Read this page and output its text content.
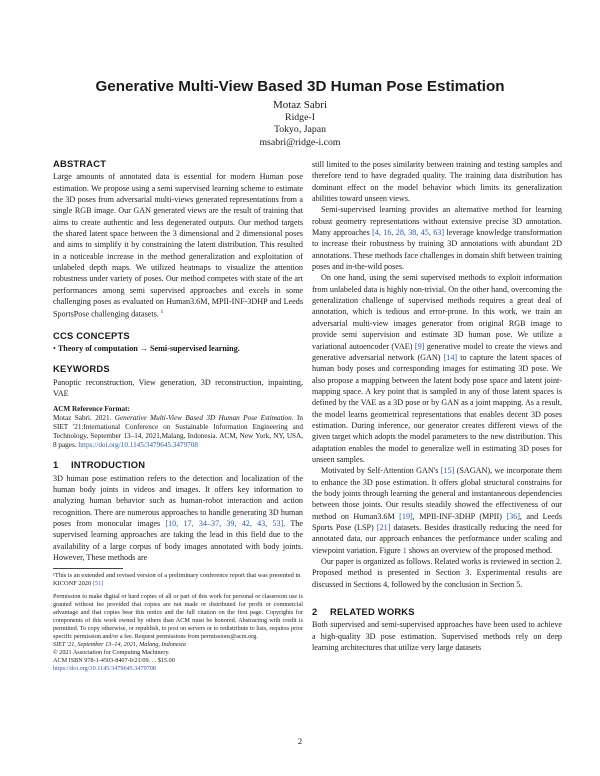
Generative Multi-View Based 3D Human Pose Estimation
Motaz Sabri
Ridge-I
Tokyo, Japan
msabri@ridge-i.com
ABSTRACT

Large amounts of annotated data is essential for modern Human pose estimation. We propose using a semi supervised learning scheme to estimate the 3D poses from adversarial multi-views generated representations from a single RGB image. Our GAN generated views are the result of training that aims to create authentic and less degenerated outputs. Our method targets the shared latent space between the 3 dimensional and 2 dimensional poses and aims to simplify it by constraining the latent distribution. This resulted in a noticeable increase in the method generalization and exploitation of unlabeled depth maps. We utilized heatmaps to visualize the attention robustness under variety of poses. Our method competes with state of the art performances among semi supervised approaches and excels in some challenging poses as evaluated on Human3.6M, MPII-INF-3DHP and Leeds SportsPose challenging datasets.  $^1$

CCS CONCEPTS
• Theory of computation → Semi-supervised learning.
KEYWORDS

Panoptic reconstruction, View generation, 3D reconstruction, inpainting, VAE

ACM Reference Format:
Motaz Sabri. 2021. Generative Multi-View Based 3D Human Pose Estimation. In SIET '21:International Conference on Sustainable Information Engineering and Technology, September 13–14, 2021,Malang, Indonesia. ACM, New York, NY, USA, 8 pages. https://doi.org/10.1145/3479645.3479708
1 INTRODUCTION

3D human pose estimation refers to the detection and localization of the human body joints in videos and images. It offers key information to analyzing human behavior such as human-robot interaction and action recognition. There are numerous approaches to handle generating 3D human poses from monocular images [10, 17, 34–37, 39, 42, 43, 53]. The supervised learning approaches are taking the lead in this field due to the availability of a large corpus of body images annotated with body joints. However, These methods are

¹This is an extended and revised version of a preliminary conference report that was presented in KICONF 2020 [51]
Permission to make digital or hard copies of all or part of this work for personal or classroom use is granted without fee provided that copies are not made or distributed for profit or commercial advantage and that copies bear this notice and the full citation on the first page. Copyrights for components of this work owned by others than ACM must be honored. Abstracting with credit is permitted. To copy otherwise, or republish, to post on servers or to redistribute to lists, requires prior specific permission and/or a fee. Request permissions from permissions@acm.org.
SIET '21, September 13–14, 2021, Malang, Indonesia
© 2021 Association for Computing Machinery.
ACM ISBN 978-1-4503-8407-0/21/09. . . $15.00
https://doi.org/10.1145/3479645.3479708

still limited to the poses similarity between training and testing samples and therefore tend to have degraded quality. The training data distribution has dominant effect on the model behavior which limits its generalization abilities toward unseen views.

Semi-supervised learning provides an alternative method for learning robust geometry representations without extensive precise 3D annotation. Many approaches [4, 16, 28, 38, 45, 63] leverage knowledge transformation to increase their robustness by training 3D annotations with abundant 2D annotations. These methods face challenges in domain shift between training poses and in-the-wild poses.

On one hand, using the semi supervised methods to exploit information from unlabeled data is highly non-trivial. On the other hand, overcoming the generalization challenge of supervised methods requires a great deal of annotation, which is tedious and error-prone. In this work, we train an adversarial multi-view images generator from original RGB image to provide semi supervision and estimate 3D human pose. We utilize a variational autoencoder (VAE) [9] generative model to create the views and generative adversarial network (GAN) [14] to capture the latent spaces of human body poses and corresponding images for estimating 3D pose. We also propose a mapping between the latent body pose space and latent joint-mapping space. A key point that is sampled in any of those latent spaces is defined by the VAE as a 3D pose or by GAN as a joint mapping. As a result, the model learns geometrical representations that enables decent 3D poses estimation. During inference, our generator creates different views of the given target which adopts the model parameters to the new distribution. This adaptation enables the model to generalize well in estimating 3D poses for unseen samples.

Motivated by Self-Attention GAN's [15] (SAGAN), we incorporate them to enhance the 3D pose estimation. It offers global structural constrains for the body joints through learning the general and instantaneous dependencies between those joints. Our results steadily showed the effectiveness of our method on Human3.6M [19], MPII-INF-3DHP (MPII) [36], and Leeds Sports Pose (LSP) [21] datasets. Besides drastically reducing the need for annotated data, our approach enhances the performance under scaling and viewpoint variation. Figure 1 shows an overview of the proposed method.

Our paper is organized as follows. Related works is reviewed in section 2. Proposed method is presented in Section 3. Experimental results are discussed in Sections 4, followed by the conclusion in Section 5.

2 RELATED WORKS

Both supervised and semi-supervised approaches have been used to achieve a high-quality 3D pose estimation. Supervised methods rely on deep learning architectures that utilize very large datasets

2
